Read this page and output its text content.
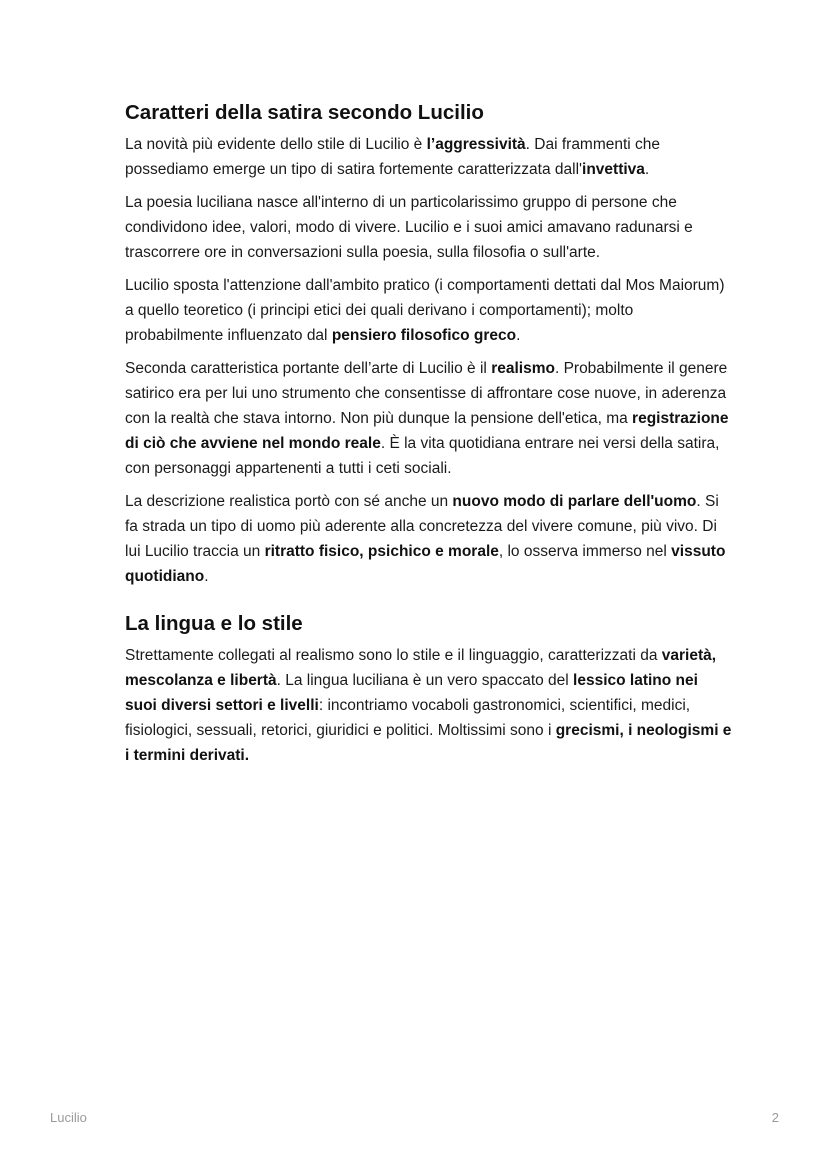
Caratteri della satira secondo Lucilio

La novità più evidente dello stile di Lucilio è l’aggressività. Dai frammenti che possediamo emerge un tipo di satira fortemente caratterizzata dall'invettiva.

La poesia luciliana nasce all'interno di un particolarissimo gruppo di persone che condividono idee, valori, modo di vivere. Lucilio e i suoi amici amavano radunarsi e trascorrere ore in conversazioni sulla poesia, sulla filosofia o sull'arte.

Lucilio sposta l'attenzione dall'ambito pratico (i comportamenti dettati dal Mos Maiorum) a quello teoretico (i principi etici dei quali derivano i comportamenti); molto probabilmente influenzato dal pensiero filosofico greco.

Seconda caratteristica portante dell’arte di Lucilio è il realismo. Probabilmente il genere satirico era per lui uno strumento che consentisse di affrontare cose nuove, in aderenza con la realtà che stava intorno. Non più dunque la pensione dell'etica, ma registrazione di ciò che avviene nel mondo reale. È la vita quotidiana entrare nei versi della satira, con personaggi appartenenti a tutti i ceti sociali.

La descrizione realistica portò con sé anche un nuovo modo di parlare dell'uomo. Si fa strada un tipo di uomo più aderente alla concretezza del vivere comune, più vivo. Di lui Lucilio traccia un ritratto fisico, psichico e morale, lo osserva immerso nel vissuto quotidiano.

La lingua e lo stile

Strettamente collegati al realismo sono lo stile e il linguaggio, caratterizzati da varietà, mescolanza e libertà. La lingua luciliana è un vero spaccato del lessico latino nei suoi diversi settori e livelli: incontriamo vocaboli gastronomici, scientifici, medici, fisiologici, sessuali, retorici, giuridici e politici. Moltissimi sono i grecismi, i neologismi e i termini derivati.

Lucilio	2
